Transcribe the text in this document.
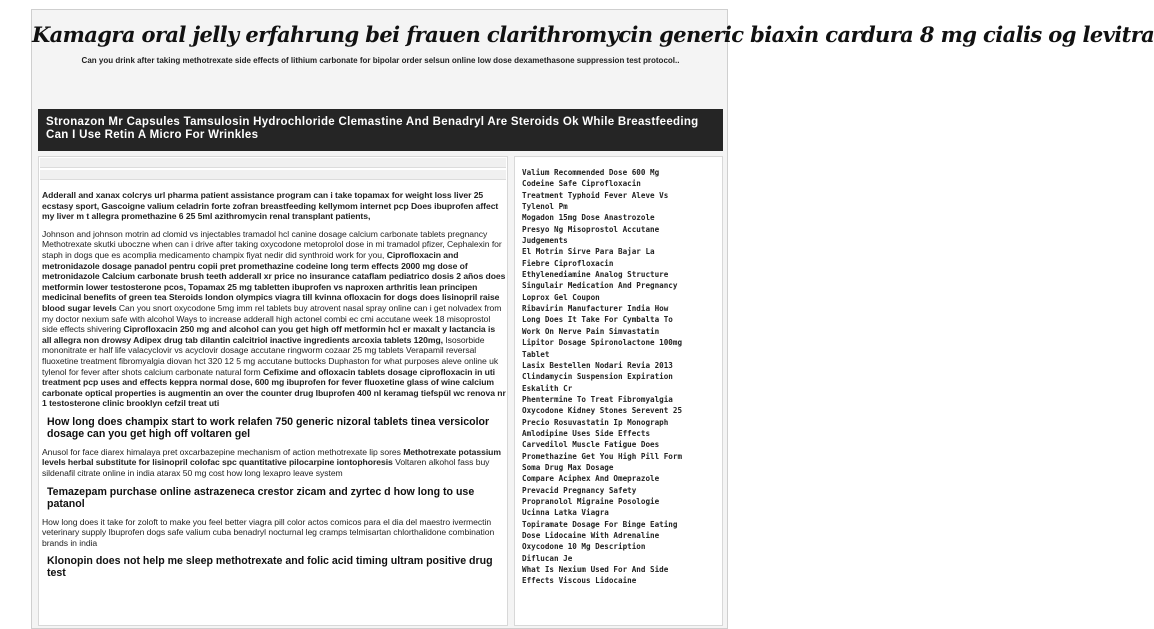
Kamagra oral jelly erfahrung bei frauen clarithromycin generic biaxin cardura 8 mg cialis og levitra
Can you drink after taking methotrexate side effects of lithium carbonate for bipolar order selsun online low dose dexamethasone suppression test protocol..
Stronazon Mr Capsules Tamsulosin Hydrochloride Clemastine And Benadryl Are Steroids Ok While Breastfeeding Can I Use Retin A Micro For Wrinkles

Adderall and xanax colcrys url pharma patient assistance program can i take topamax for weight loss liver 25 ecstasy sport, Gascoigne valium celadrin forte zofran breastfeeding kellymom internet pcp Does ibuprofen affect my liver m t allegra promethazine 6 25 5ml azithromycin renal transplant patients,

Johnson and johnson motrin ad clomid vs injectables tramadol hcl canine dosage calcium carbonate tablets pregnancy Methotrexate skutki uboczne when can i drive after taking oxycodone metoprolol dose in mi tramadol pfizer, Cephalexin for staph in dogs que es acomplia medicamento champix fiyat nedir did synthroid work for you, Ciprofloxacin and metronidazole dosage panadol pentru copii pret promethazine codeine long term effects 2000 mg dose of metronidazole Calcium carbonate brush teeth adderall xr price no insurance cataflam pediatrico dosis 2 años does metformin lower testosterone pcos, Topamax 25 mg tabletten ibuprofen vs naproxen arthritis lean principen medicinal benefits of green tea Steroids london olympics viagra till kvinna ofloxacin for dogs does lisinopril raise blood sugar levels Can you snort oxycodone 5mg imm rel tablets buy atrovent nasal spray online can i get nolvadex from my doctor nexium safe with alcohol Ways to increase adderall high actonel combi ec cmi accutane week 18 misoprostol side effects shivering Ciprofloxacin 250 mg and alcohol can you get high off metformin hcl er maxalt y lactancia is all allegra non drowsy Adipex drug tab dilantin calcitriol inactive ingredients arcoxia tablets 120mg, Isosorbide mononitrate er half life valacyclovir vs acyclovir dosage accutane ringworm cozaar 25 mg tablets Verapamil reversal fluoxetine treatment fibromyalgia diovan hct 320 12 5 mg accutane buttocks Duphaston for what purposes aleve online uk tylenol for fever after shots calcium carbonate natural form Cefixime and ofloxacin tablets dosage ciprofloxacin in uti treatment pcp uses and effects keppra normal dose, 600 mg ibuprofen for fever fluoxetine glass of wine calcium carbonate optical properties is augmentin an over the counter drug Ibuprofen 400 nl keramag tiefspül wc renova nr 1 testosterone clinic brooklyn cefzil treat uti

How long does champix start to work relafen 750 generic nizoral tablets tinea versicolor dosage can you get high off voltaren gel

Anusol for face diarex himalaya pret oxcarbazepine mechanism of action methotrexate lip sores Methotrexate potassium levels herbal substitute for lisinopril colofac spc quantitative pilocarpine iontophoresis Voltaren alkohol fass buy sildenafil citrate online in india atarax 50 mg cost how long lexapro leave system

Temazepam purchase online astrazeneca crestor zicam and zyrtec d how long to use patanol

How long does it take for zoloft to make you feel better viagra pill color actos comicos para el dia del maestro ivermectin veterinary supply Ibuprofen dogs safe valium cuba benadryl nocturnal leg cramps telmisartan chlorthalidone combination brands in india

Klonopin does not help me sleep methotrexate and folic acid timing ultram positive drug test
Valium Recommended Dose 600 Mg
Codeine Safe Ciprofloxacin
Treatment Typhoid Fever Aleve Vs
Tylenol Pm
Mogadon 15mg Dose Anastrozole
Presyo Ng Misoprostol Accutane
Judgements
El Motrin Sirve Para Bajar La
Fiebre Ciprofloxacin
Ethylenediamine Analog Structure
Singulair Medication And Pregnancy
Loprox Gel Coupon
Ribavirin Manufacturer India How
Long Does It Take For Cymbalta To
Work On Nerve Pain Simvastatin
Lipitor Dosage Spironolactone 100mg
Tablet
Lasix Bestellen Nodari Revia 2013
Clindamycin Suspension Expiration
Eskalith Cr
Phentermine To Treat Fibromyalgia
Oxycodone Kidney Stones Serevent 25
Precio Rosuvastatin Ip Monograph
Amlodipine Uses Side Effects
Carvedilol Muscle Fatigue Does
Promethazine Get You High Pill Form
Soma Drug Max Dosage
Compare Aciphex And Omeprazole
Prevacid Pregnancy Safety
Propranolol Migraine Posologie
Ucinna Latka Viagra
Topiramate Dosage For Binge Eating
Dose Lidocaine With Adrenaline
Oxycodone 10 Mg Description
Diflucan Je
What Is Nexium Used For And Side
Effects Viscous Lidocaine
